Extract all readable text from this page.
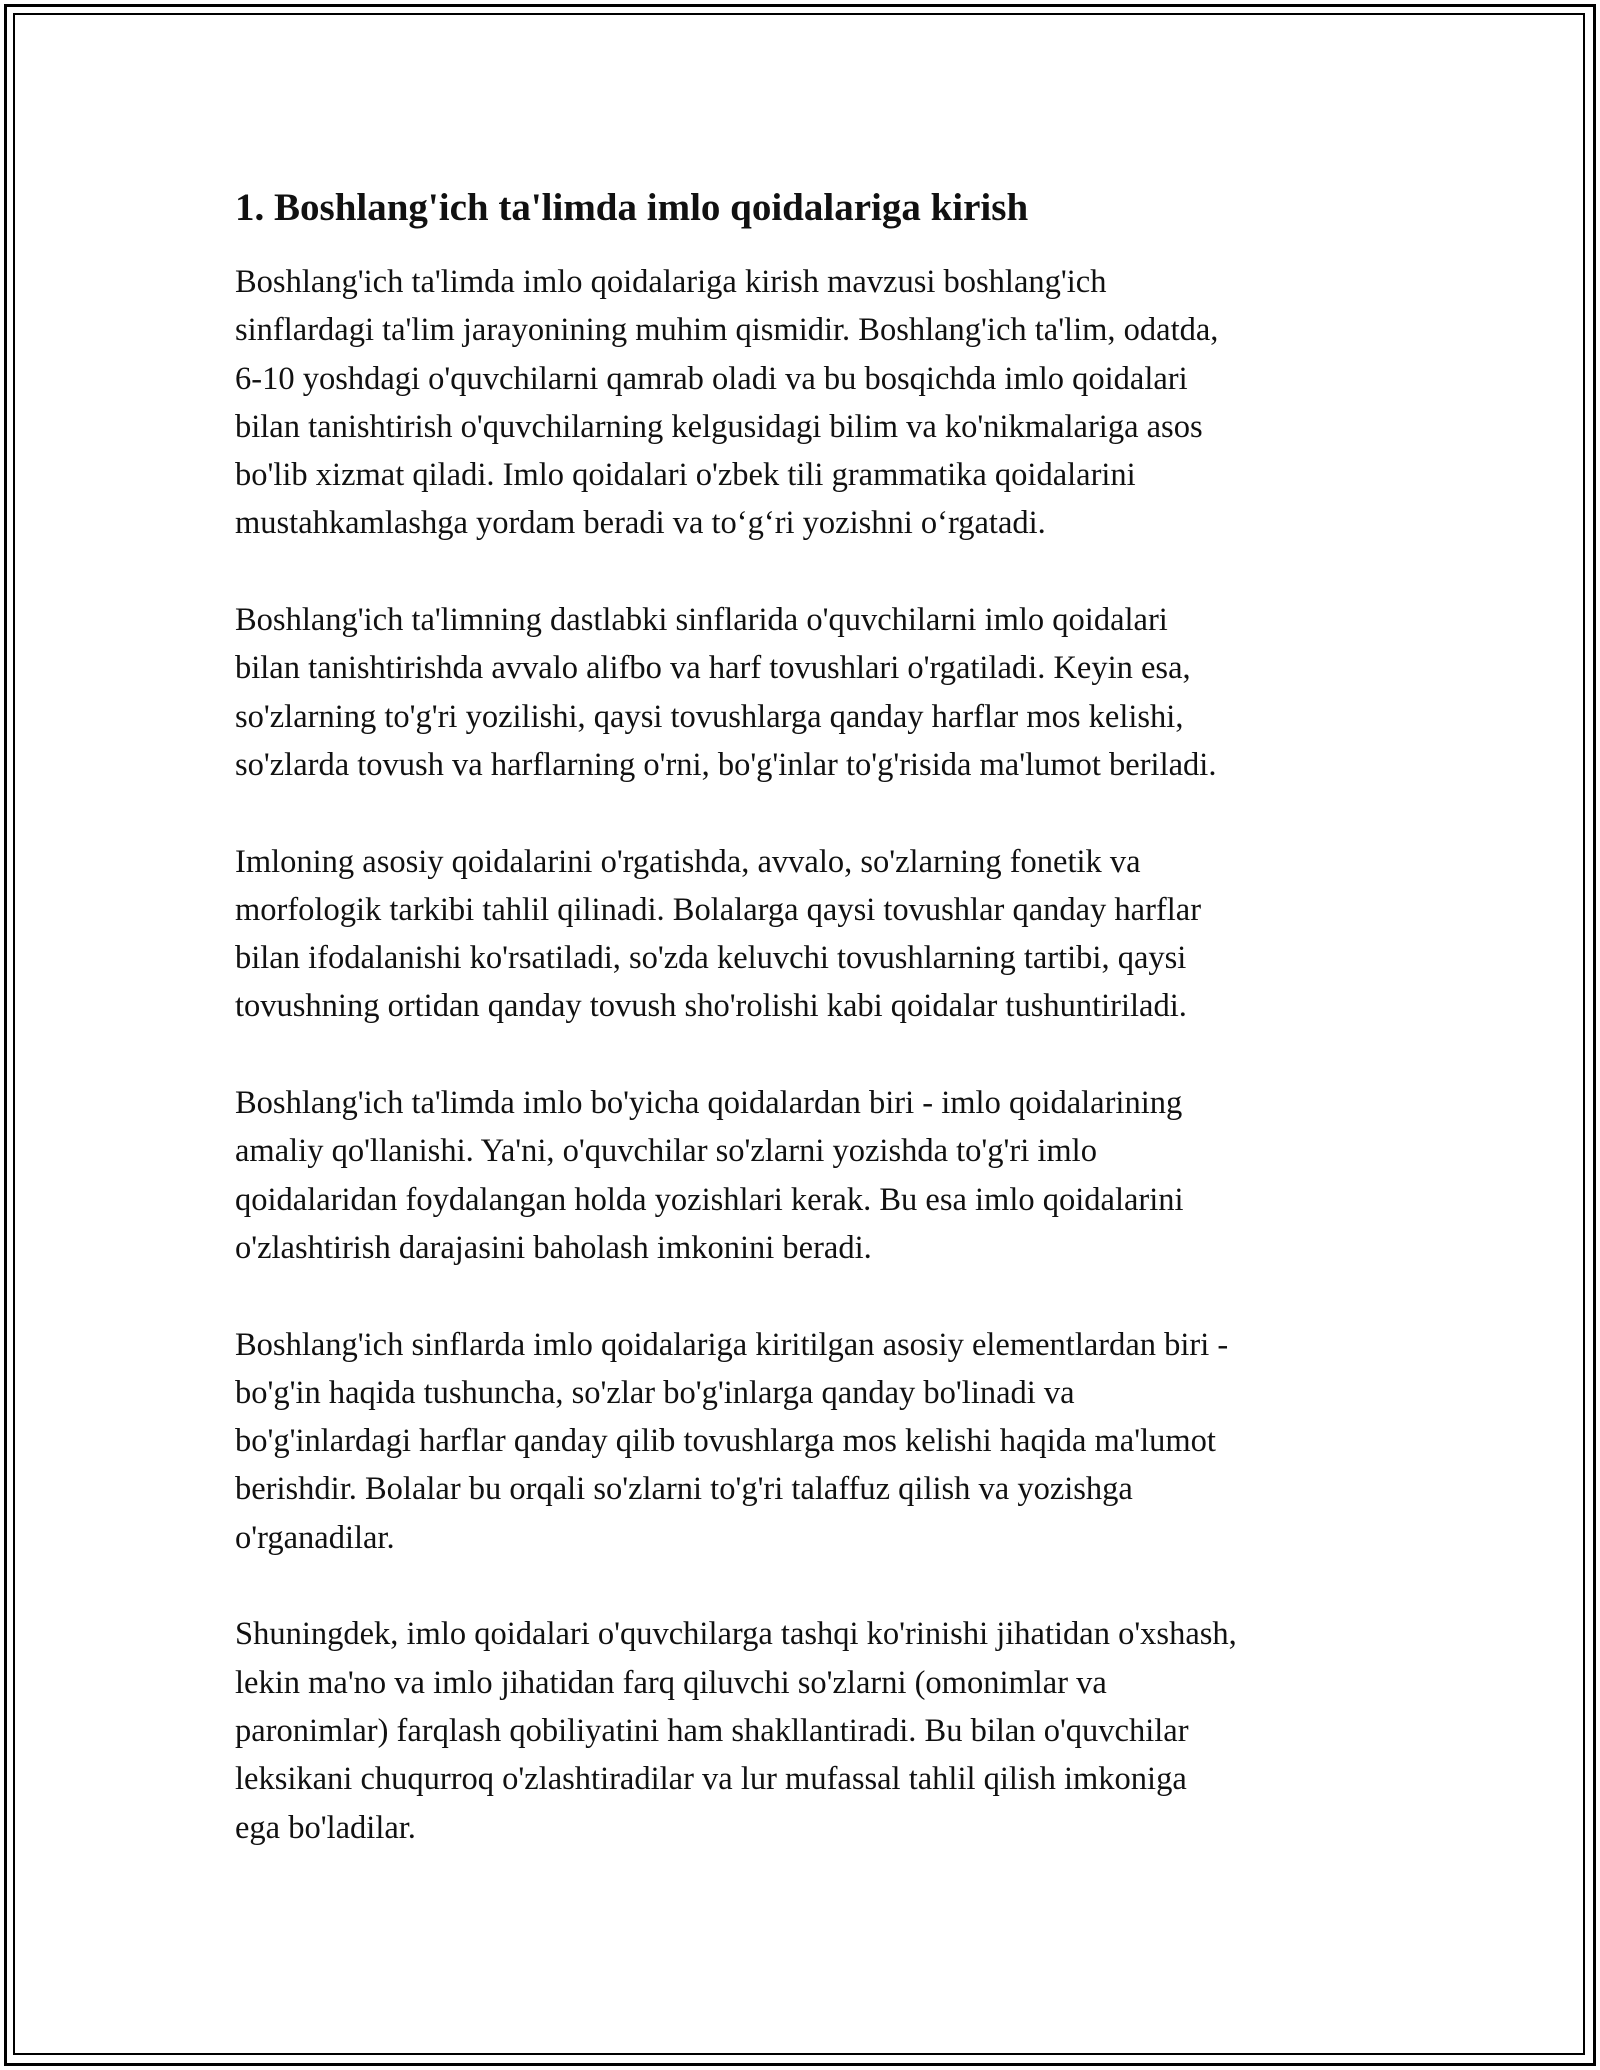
1. Boshlang'ich ta'limda imlo qoidalariga kirish

Boshlang'ich ta'limda imlo qoidalariga kirish mavzusi boshlang'ich
sinflardagi ta'lim jarayonining muhim qismidir. Boshlang'ich ta'lim, odatda,
6-10 yoshdagi o'quvchilarni qamrab oladi va bu bosqichda imlo qoidalari
bilan tanishtirish o'quvchilarning kelgusidagi bilim va ko'nikmalariga asos
bo'lib xizmat qiladi. Imlo qoidalari o'zbek tili grammatika qoidalarini
mustahkamlashga yordam beradi va to‘g‘ri yozishni o‘rgatadi.

Boshlang'ich ta'limning dastlabki sinflarida o'quvchilarni imlo qoidalari
bilan tanishtirishda avvalo alifbo va harf tovushlari o'rgatiladi. Keyin esa,
so'zlarning to'g'ri yozilishi, qaysi tovushlarga qanday harflar mos kelishi,
so'zlarda tovush va harflarning o'rni, bo'g'inlar to'g'risida ma'lumot beriladi.

Imloning asosiy qoidalarini o'rgatishda, avvalo, so'zlarning fonetik va
morfologik tarkibi tahlil qilinadi. Bolalarga qaysi tovushlar qanday harflar
bilan ifodalanishi ko'rsatiladi, so'zda keluvchi tovushlarning tartibi, qaysi
tovushning ortidan qanday tovush sho'rolishi kabi qoidalar tushuntiriladi.

Boshlang'ich ta'limda imlo bo'yicha qoidalardan biri - imlo qoidalarining
amaliy qo'llanishi. Ya'ni, o'quvchilar so'zlarni yozishda to'g'ri imlo
qoidalaridan foydalangan holda yozishlari kerak. Bu esa imlo qoidalarini
o'zlashtirish darajasini baholash imkonini beradi.

Boshlang'ich sinflarda imlo qoidalariga kiritilgan asosiy elementlardan biri -
bo'g'in haqida tushuncha, so'zlar bo'g'inlarga qanday bo'linadi va
bo'g'inlardagi harflar qanday qilib tovushlarga mos kelishi haqida ma'lumot
berishdir. Bolalar bu orqali so'zlarni to'g'ri talaffuz qilish va yozishga
o'rganadilar.

Shuningdek, imlo qoidalari o'quvchilarga tashqi ko'rinishi jihatidan o'xshash,
lekin ma'no va imlo jihatidan farq qiluvchi so'zlarni (omonimlar va
paronimlar) farqlash qobiliyatini ham shakllantiradi. Bu bilan o'quvchilar
leksikani chuqurroq o'zlashtiradilar va lur mufassal tahlil qilish imkoniga
ega bo'ladilar.
